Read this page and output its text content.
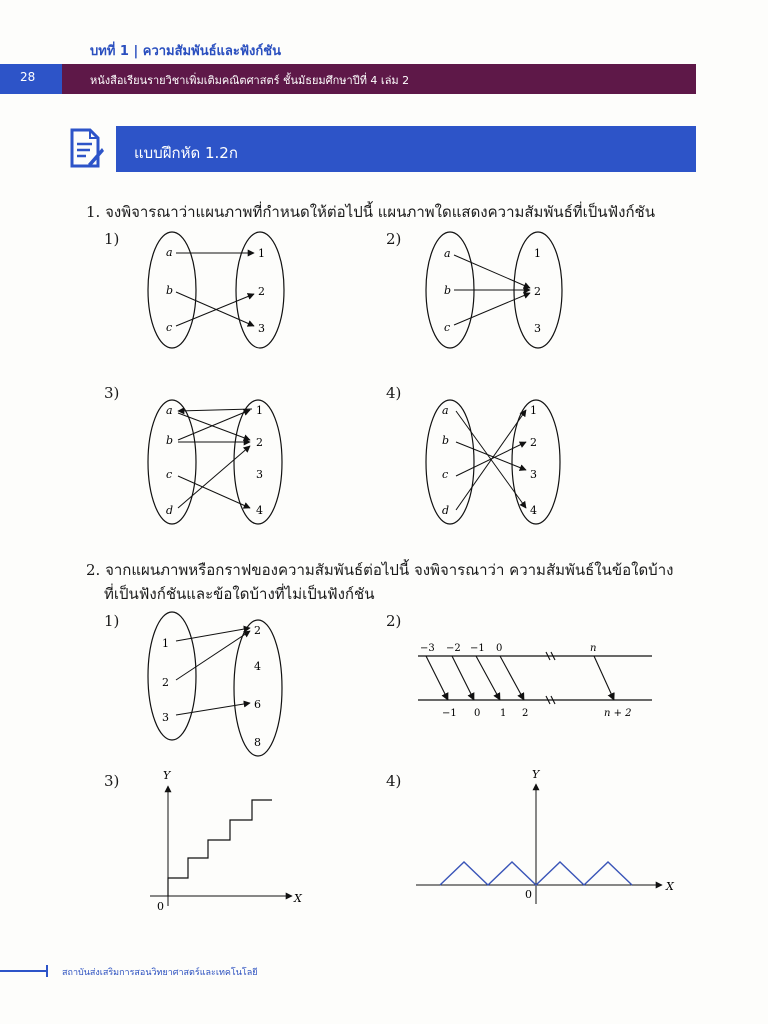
บทที่ 1 | ความสัมพันธ์และฟังก์ชัน
28	หนังสือเรียนรายวิชาเพิ่มเติมคณิตศาสตร์ ชั้นมัธยมศึกษาปีที่ 4 เล่ม 2
แบบฝึกหัด 1.2ก
1. จงพิจารณาว่าแผนภาพที่กำหนดให้ต่อไปนี้ แผนภาพใดแสดงความสัมพันธ์ที่เป็นฟังก์ชัน
1)	2)
3)	4)
a
b
c
1
2
3
a
b
c
1
2
3
a
b
c
d
1
2
3
4
a
b
c
d
1
2
3
4
1
2
3
2
4
6
8
−3 −2 −1 0	n
−1 0 1 2	n + 2
Y
X
0
Y
X
0
2. จากแผนภาพหรือกราฟของความสัมพันธ์ต่อไปนี้ จงพิจารณาว่า ความสัมพันธ์ในข้อใดบ้าง
ที่เป็นฟังก์ชันและข้อใดบ้างที่ไม่เป็นฟังก์ชัน
1)	2)
3)	4)
สถาบันส่งเสริมการสอนวิทยาศาสตร์และเทคโนโลยี
